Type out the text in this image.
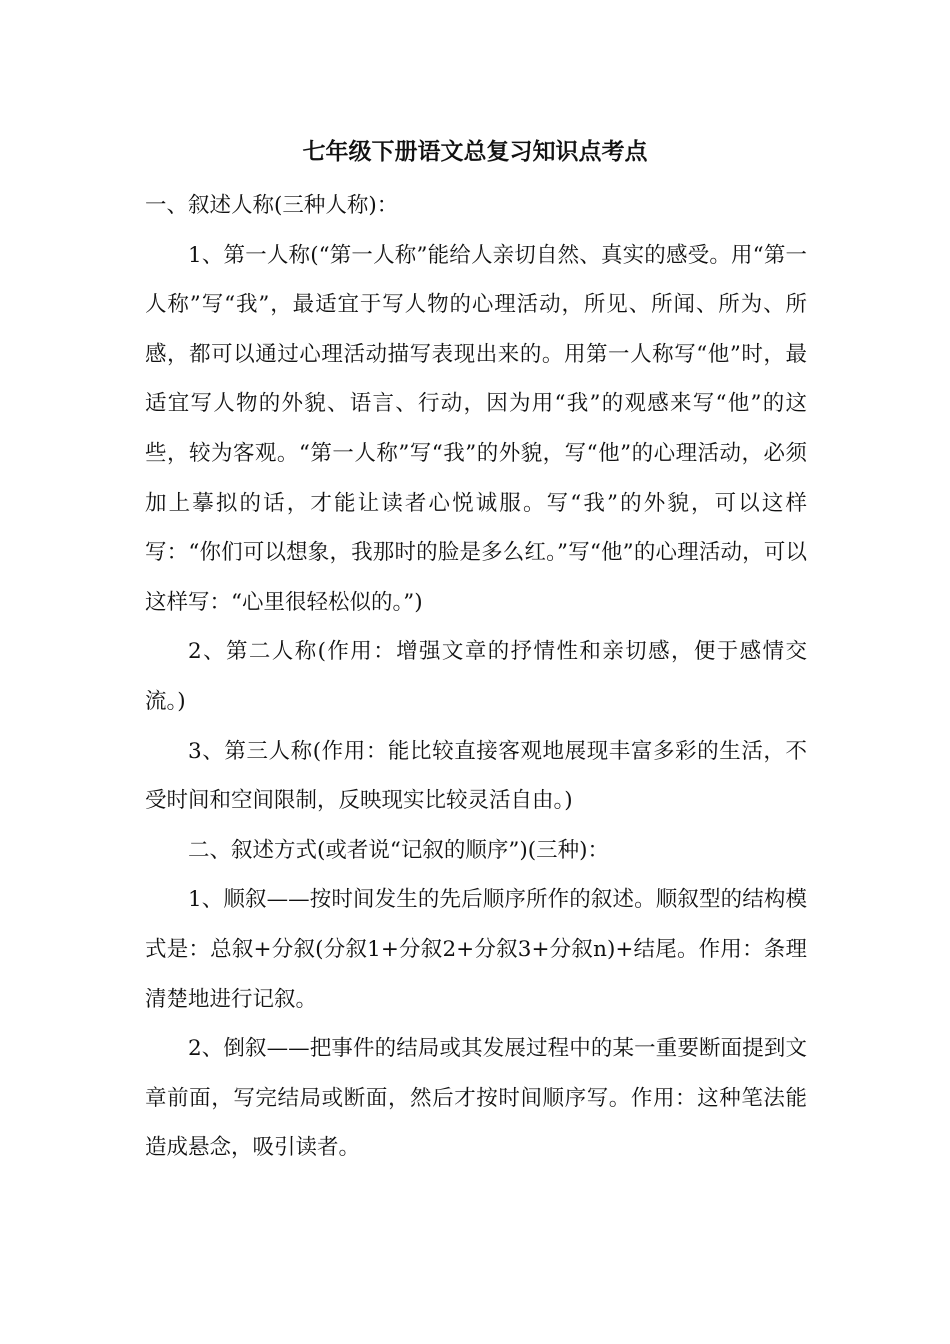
七年级下册语文总复习知识点考点

一、叙述人称(三种人称)：

1、第一人称(“第一人称”能给人亲切自然、真实的感受。用“第一人称”写“我”，最适宜于写人物的心理活动，所见、所闻、所为、所感，都可以通过心理活动描写表现出来的。用第一人称写“他”时，最适宜写人物的外貌、语言、行动，因为用“我”的观感来写“他”的这些，较为客观。“第一人称”写“我”的外貌，写“他”的心理活动，必须加上摹拟的话，才能让读者心悦诚服。写“我”的外貌，可以这样写：“你们可以想象，我那时的脸是多么红。”写“他”的心理活动，可以这样写：“心里很轻松似的。”)

2、第二人称(作用：增强文章的抒情性和亲切感，便于感情交流。)

3、第三人称(作用：能比较直接客观地展现丰富多彩的生活，不受时间和空间限制，反映现实比较灵活自由。)

二、叙述方式(或者说“记叙的顺序”)(三种)：

1、顺叙——按时间发生的先后顺序所作的叙述。顺叙型的结构模式是：总叙+分叙(分叙1+分叙2+分叙3+分叙n)+结尾。作用：条理清楚地进行记叙。

2、倒叙——把事件的结局或其发展过程中的某一重要断面提到文章前面，写完结局或断面，然后才按时间顺序写。作用：这种笔法能造成悬念，吸引读者。
